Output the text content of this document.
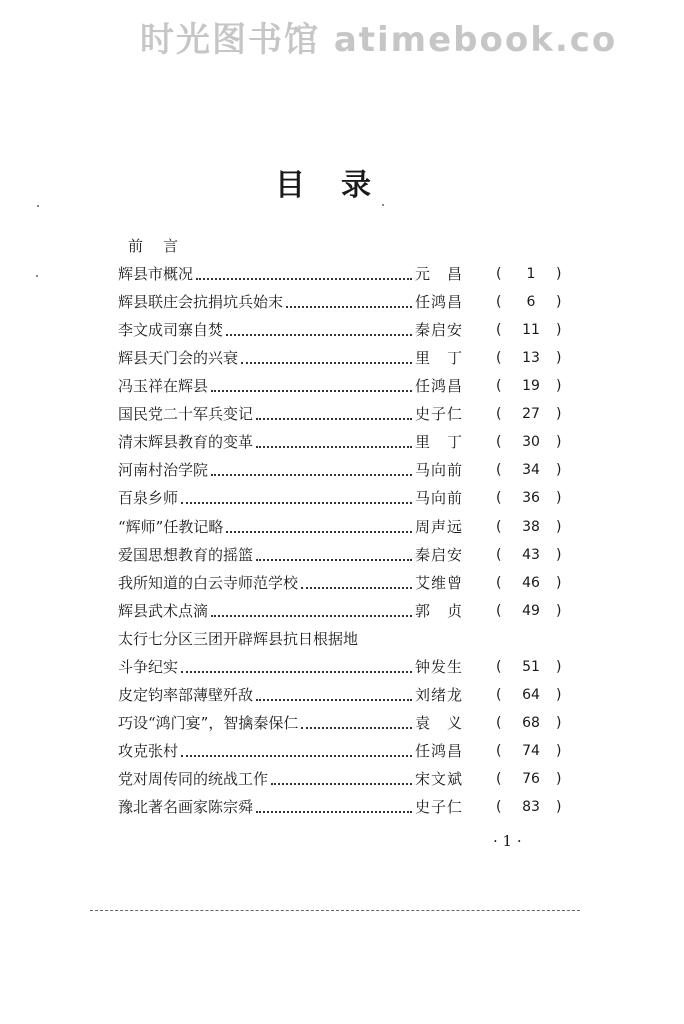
时光图书馆 atimebook.co
目录
前言
辉县市概况	元　昌 (	1	)
辉县联庄会抗捐坑兵始末	任鸿昌 (	6	)
李文成司寨自焚	秦启安 ( 11 )
辉县天门会的兴衰	里　丁 ( 13 )
冯玉祥在辉县	任鸿昌 ( 19 )
国民党二十军兵变记	史子仁 ( 27 )
清末辉县教育的变革	里　丁 ( 30 )
河南村治学院	马向前 ( 34 )
百泉乡师	马向前 ( 36 )
“辉师”任教记略	周声远 ( 38 )
爱国思想教育的摇篮	秦启安 ( 43 )
我所知道的白云寺师范学校	艾维曾 ( 46 )
辉县武术点滴	郭　贞 ( 49 )
太行七分区三团开辟辉县抗日根据地
斗争纪实	钟发生 ( 51 )
皮定钧率部薄壁歼敌	刘绪龙 ( 64 )
巧设“鸿门宴”，智擒秦保仁	袁　义 ( 68 )
攻克张村	任鸿昌 ( 74 )
党对周传同的统战工作	宋文斌 ( 76 )
豫北著名画家陈宗舜	史子仁 ( 83 )
· 1 ·
